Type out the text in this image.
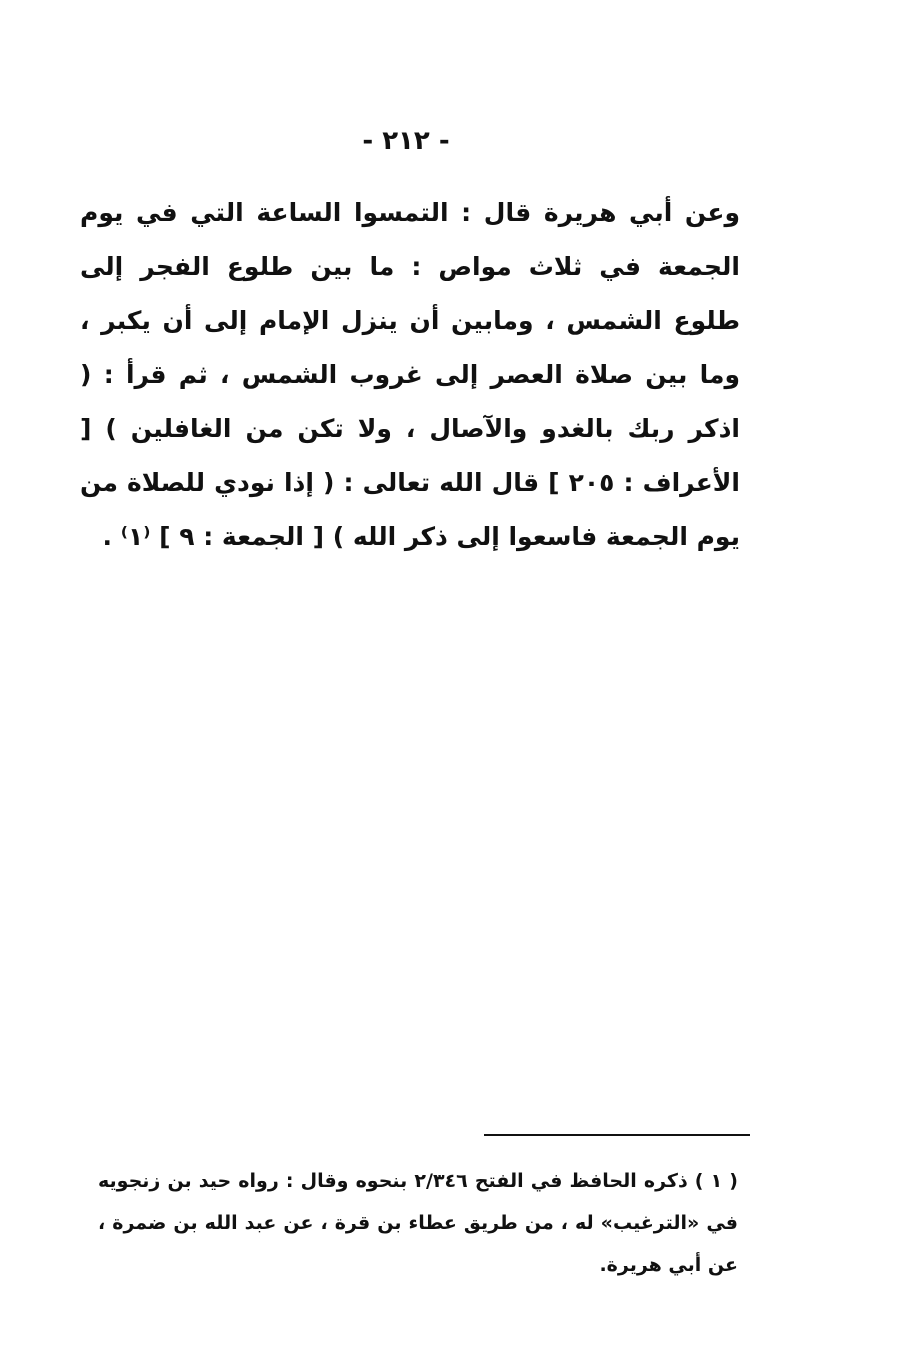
- ٢١٢ -

وعن أبي هريرة قال : التمسوا الساعة التي في يوم الجمعة في ثلاث مواص : ما بين طلوع الفجر إلى طلوع الشمس ، ومابين أن ينزل الإمام إلى أن يكبر ، وما بين صلاة العصر إلى غروب الشمس ، ثم قرأ : ( اذكر ربك بالغدو والآصال ، ولا تكن من الغافلين ) [ الأعراف : ٢٠٥ ] قال الله تعالى : ( إذا نودي للصلاة من يوم الجمعة فاسعوا إلى ذكر الله ) [ الجمعة : ٩ ] ⁽١⁾ .

( ١ ) ذكره الحافظ في الفتح ٢/٣٤٦ بنحوه وقال : رواه حيد بن زنجويه في «الترغيب» له ، من طريق عطاء بن قرة ، عن عبد الله بن ضمرة ، عن أبي هريرة.
